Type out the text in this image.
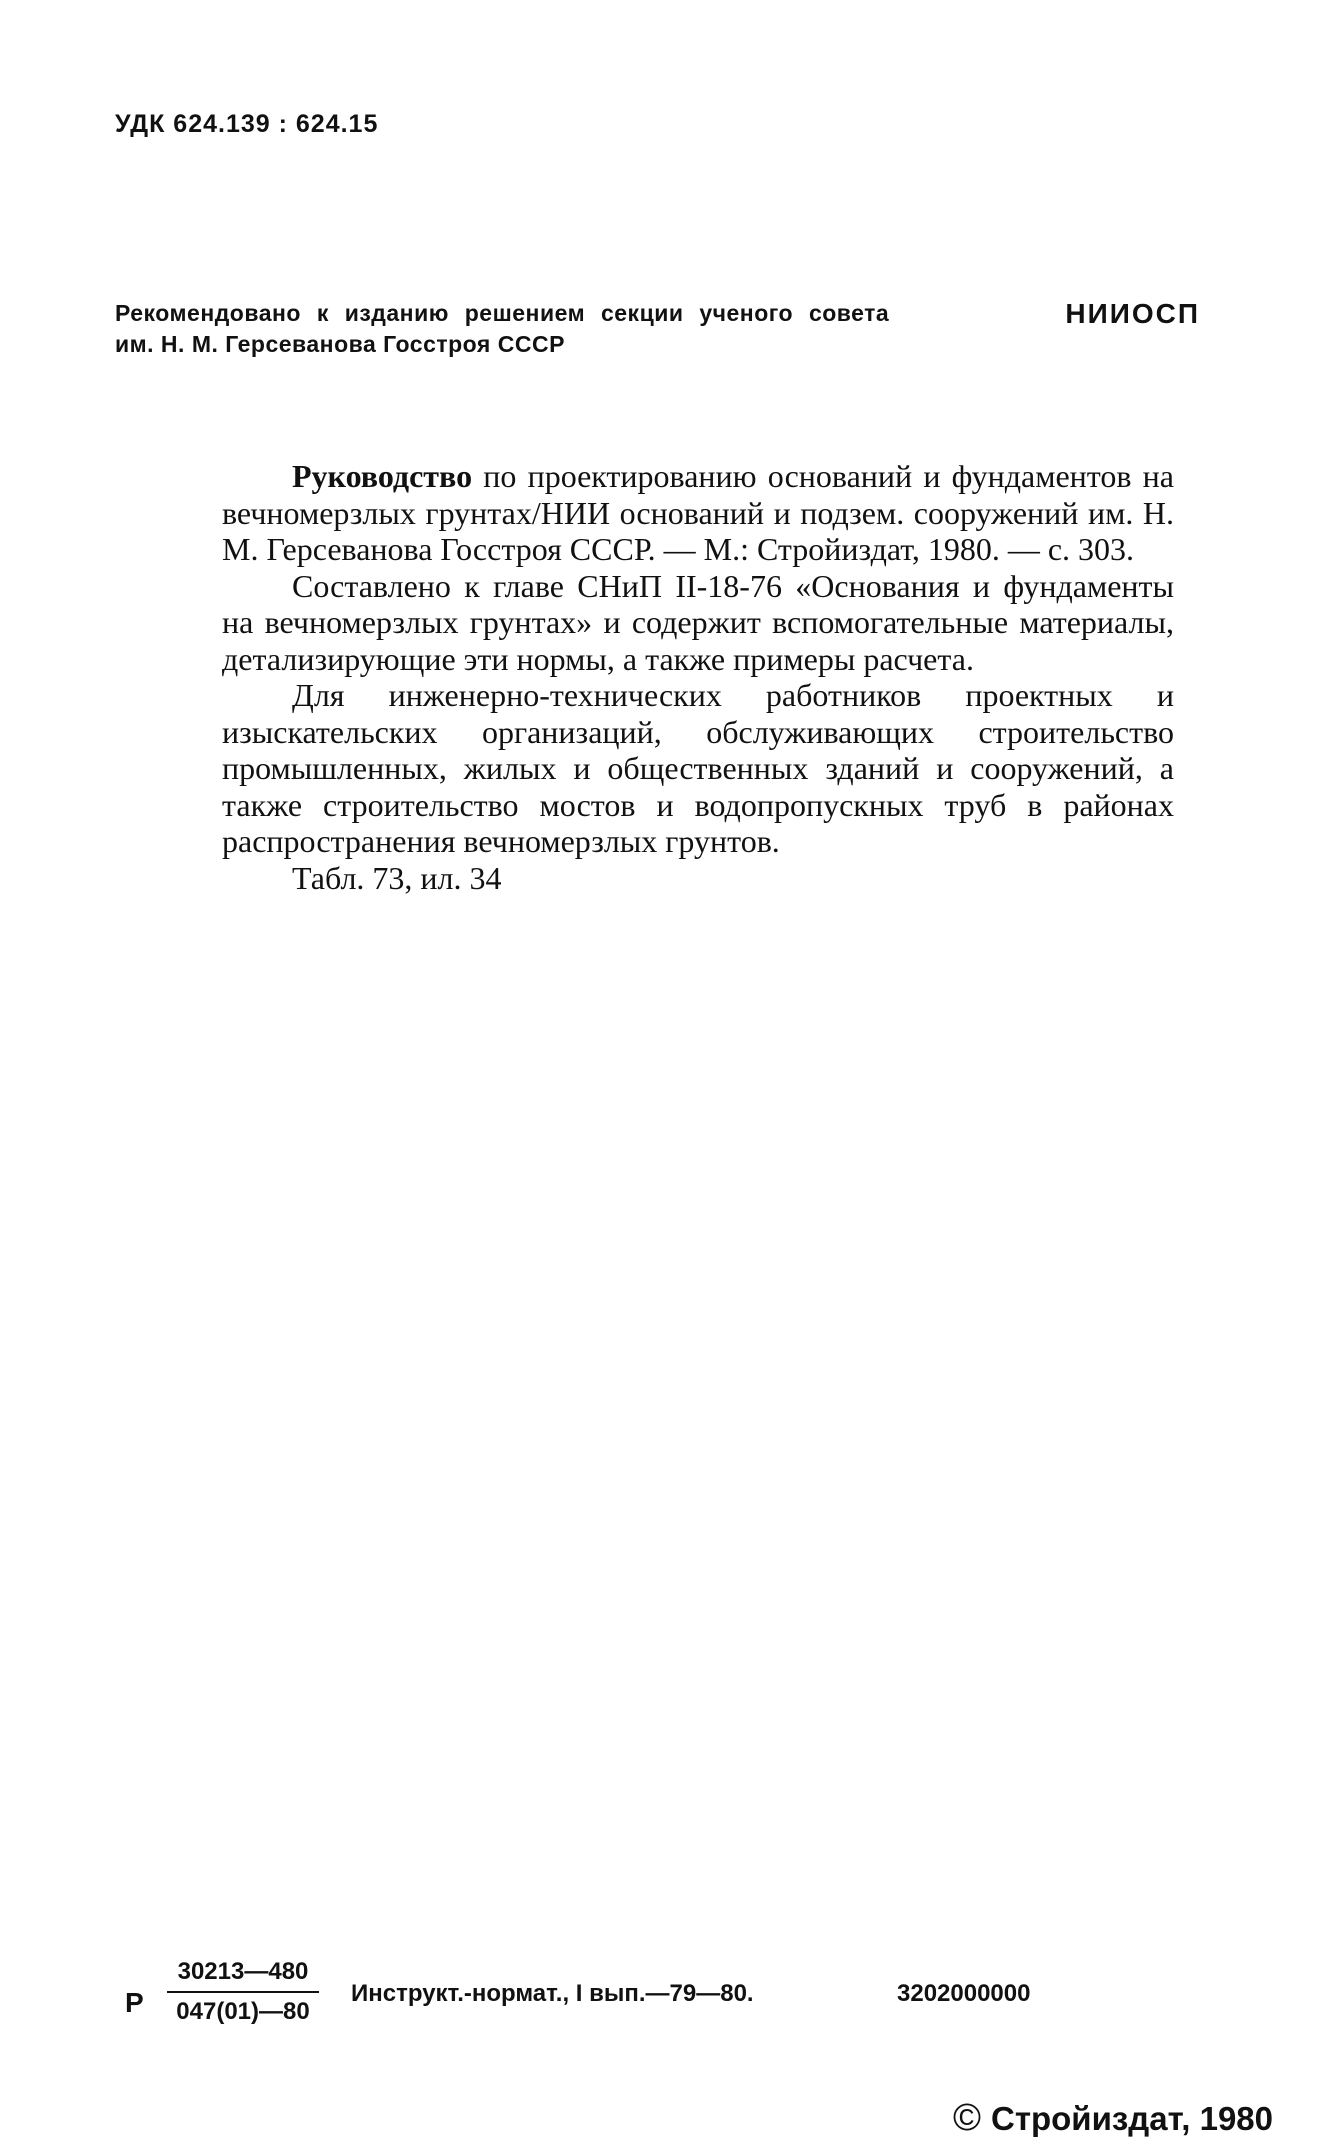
УДК 624.139 : 624.15
Рекомендовано к изданию решением секции ученого совета	НИИОСП
им. Н. М. Герсеванова Госстроя СССР

Руководство по проектированию оснований и фундаментов на вечномерзлых грунтах/НИИ оснований и подзем. сооружений им. Н. М. Герсеванова Госстроя СССР. — М.: Стройиздат, 1980. — с. 303.

Составлено к главе СНиП II-18-76 «Основания и фундаменты на вечномерзлых грунтах» и содержит вспомогательные материалы, детализирующие эти нормы, а также примеры расчета.

Для инженерно-технических работников проектных и изыскательских организаций, обслуживающих строительство промышленных, жилых и общественных зданий и сооружений, а также строительство мостов и водопропускных труб в районах распространения вечномерзлых грунтов.

Табл. 73, ил. 34

Р
30213—480
047(01)—80
Инструкт.-нормат., I вып.—79—80.	3202000000
© Стройиздат, 1980
